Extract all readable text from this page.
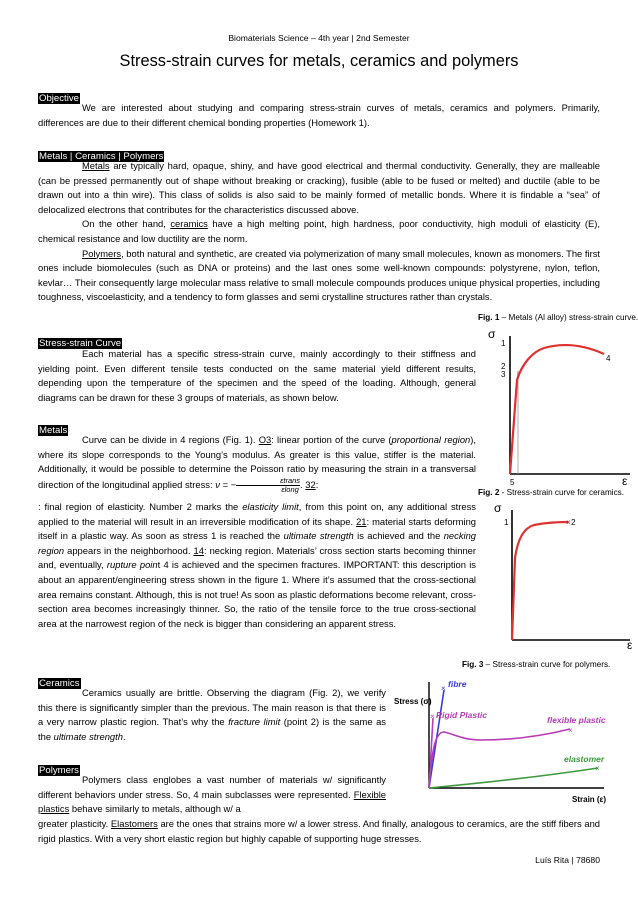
Biomaterials Science – 4th year | 2nd Semester
Stress-strain curves for metals, ceramics and polymers
Objective

We are interested about studying and comparing stress-strain curves of metals, ceramics and polymers. Primarily, differences are due to their different chemical bonding properties (Homework 1).

Metals | Ceramics | Polymers

Metals are typically hard, opaque, shiny, and have good electrical and thermal conductivity. Generally, they are malleable (can be pressed permanently out of shape without breaking or cracking), fusible (able to be fused or melted) and ductile (able to be drawn out into a thin wire). This class of solids is also said to be mainly formed of metallic bonds. Where it is findable a “sea” of delocalized electrons that contributes for the characteristics discussed above.

On the other hand, ceramics have a high melting point, high hardness, poor conductivity, high moduli of elasticity (E), chemical resistance and low ductility are the norm.

Polymers, both natural and synthetic, are created via polymerization of many small molecules, known as monomers. The first ones include biomolecules (such as DNA or proteins) and the last ones some well-known compounds: polystyrene, nylon, teflon, kevlar… Their consequently large molecular mass relative to small molecule compounds produces unique physical properties, including toughness, viscoelasticity, and a tendency to form glasses and semi crystalline structures rather than crystals.

Stress-strain Curve

Each material has a specific stress-strain curve, mainly accordingly to their stiffness and yielding point. Even different tensile tests conducted on the same material yield different results, depending upon the temperature of the specimen and the speed of the loading. Although, general diagrams can be drawn for these 3 groups of materials, as shown below.

Metals

Curve can be divide in 4 regions (Fig. 1). O3: linear portion of the curve (proportional region), where its slope corresponds to the Young’s modulus. As greater is this value, stiffer is the material. Additionally, it would be possible to determine the Poisson ratio by measuring the strain in a transversal direction of the longitudinal applied stress: ν = −	εtrans
εlong . 32:

: final region of elasticity. Number 2 marks the elasticity limit, from this point on, any additional stress applied to the material will result in an irreversible modification of its shape. 21: material starts deforming itself in a plastic way. As soon as stress 1 is reached the ultimate strength is achieved and the necking region appears in the neighborhood. 14: necking region. Materials’ cross section starts becoming thinner and, eventually, rupture point 4 is achieved and the specimen fractures. IMPORTANT: this description is about an apparent/engineering stress shown in the figure 1. Where it’s assumed that the cross-sectional area remains constant. Although, this is not true! As soon as plastic deformations become relevant, cross-section area becomes increasingly thinner. So, the ratio of the tensile force to the true cross-sectional area at the narrowest region of the neck is bigger than considering an apparent stress.

Ceramics

Ceramics usually are brittle. Observing the diagram (Fig. 2), we verify this there is significantly simpler than the previous. The main reason is that there is a very narrow plastic region. That’s why the fracture limit (point 2) is the same as the ultimate strength.

Polymers

Polymers class englobes a vast number of materials w/ significantly different behaviors under stress. So, 4 main subclasses were represented. Flexible plastics behave similarly to metals, although w/ a

greater plasticity. Elastomers are the ones that strains more w/ a lower stress. And finally, analogous to ceramics, are the stiff fibers and rigid plastics. With a very short elastic region but highly capable of supporting huge stresses.

Fig. 1 – Metals (Al alloy) stress-strain curve.
σ
ε
1
2
3
4
5
Fig. 2 - Stress-strain curve for ceramics.
σ
ε
×
1	2
Fig. 3 – Stress-strain curve for polymers.
Stress (σ)
Strain (ε)
× fibre
× Rigid Plastic
×
flexible plastic
×
elastomer
Luís Rita | 78680
